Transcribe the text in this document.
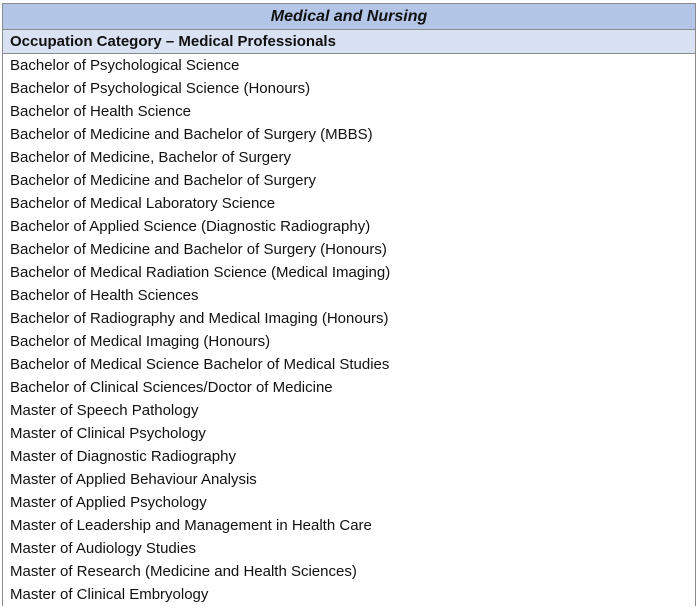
Medical and Nursing
Occupation Category – Medical Professionals
Bachelor of Psychological Science
Bachelor of Psychological Science (Honours)
Bachelor of Health Science
Bachelor of Medicine and Bachelor of Surgery (MBBS)
Bachelor of Medicine, Bachelor of Surgery
Bachelor of Medicine and Bachelor of Surgery
Bachelor of Medical Laboratory Science
Bachelor of Applied Science (Diagnostic Radiography)
Bachelor of Medicine and Bachelor of Surgery (Honours)
Bachelor of Medical Radiation Science (Medical Imaging)
Bachelor of Health Sciences
Bachelor of Radiography and Medical Imaging (Honours)
Bachelor of Medical Imaging (Honours)
Bachelor of Medical Science Bachelor of Medical Studies
Bachelor of Clinical Sciences/Doctor of Medicine
Master of Speech Pathology
Master of Clinical Psychology
Master of Diagnostic Radiography
Master of Applied Behaviour Analysis
Master of Applied Psychology
Master of Leadership and Management in Health Care
Master of Audiology Studies
Master of Research (Medicine and Health Sciences)
Master of Clinical Embryology
